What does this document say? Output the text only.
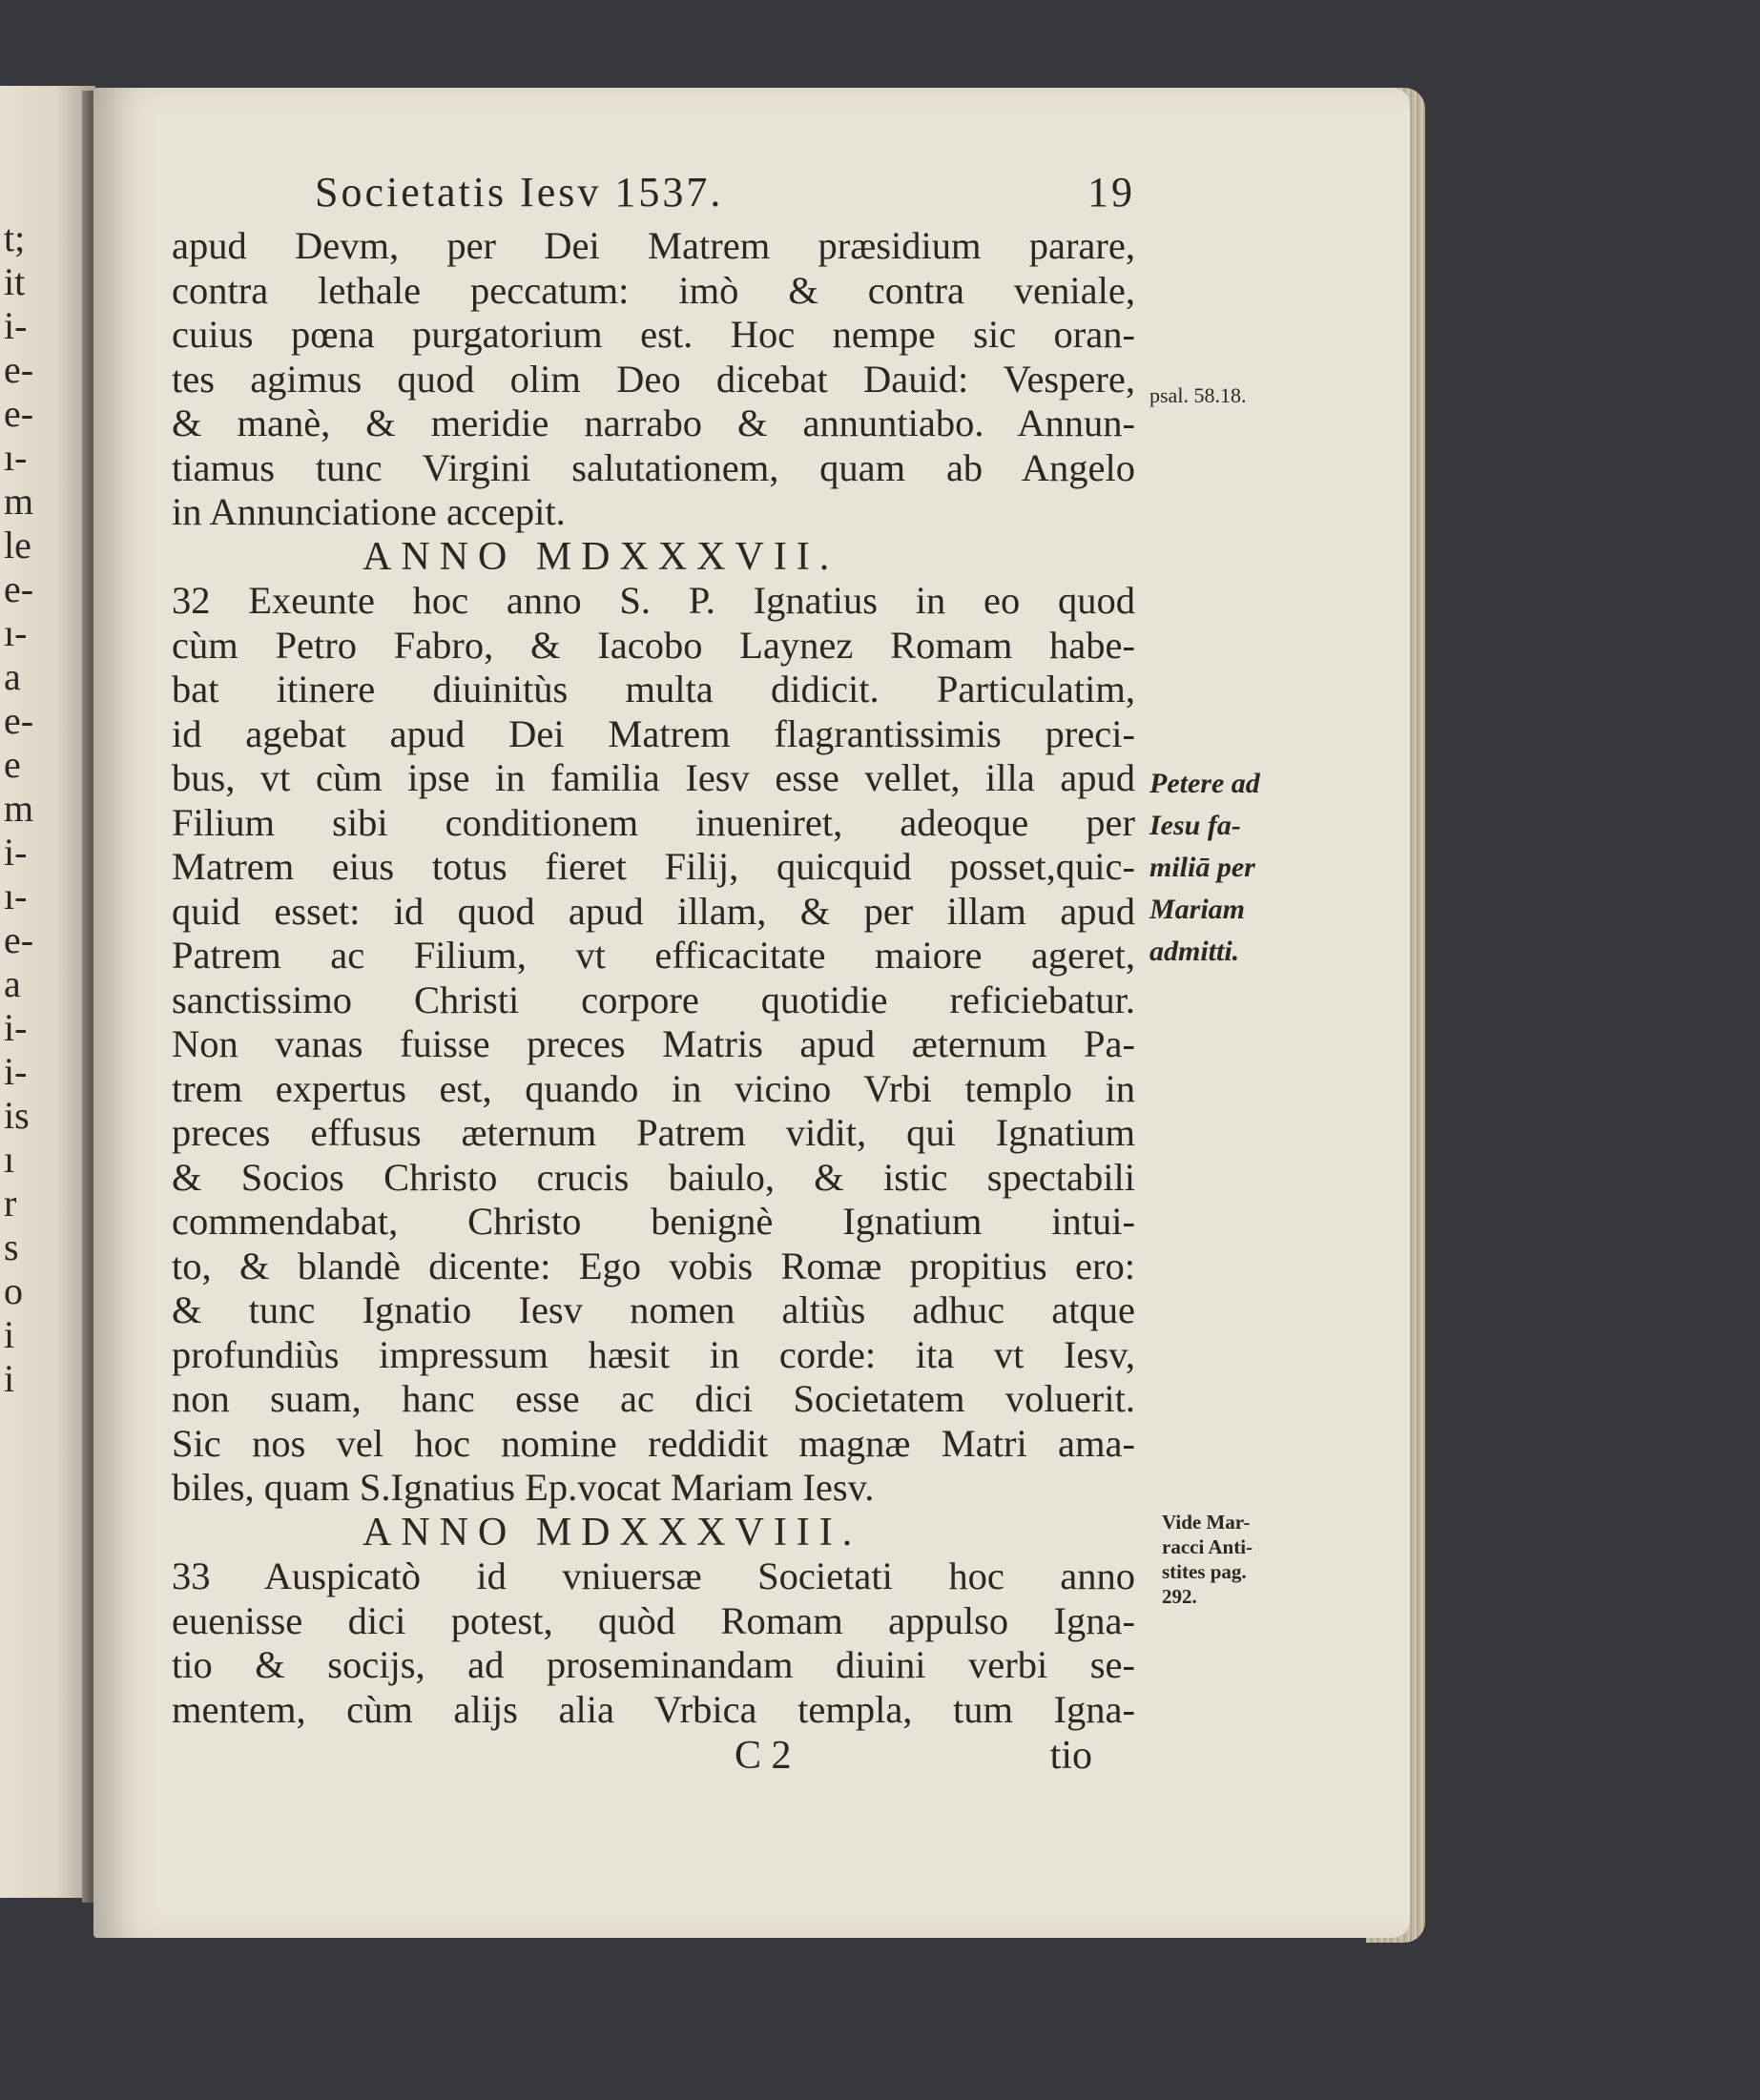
t;
it
i-
e-
e-
ı-
m
le
e-
ı-
a
e-
e
m
i-
ı-
e-
a
i-
i-
is
ı
r
s
o
i
i
Societatis Iesv 1537.	19
apud Devm, per Dei Matrem præsidium parare,
contra lethale peccatum: imò & contra veniale,
cuius pœna purgatorium est. Hoc nempe sic oran-
tes agimus quod olim Deo dicebat Dauid: Vespere,
& manè, & meridie narrabo & annuntiabo. Annun-
tiamus tunc Virgini salutationem, quam ab Angelo
in Annunciatione accepit.
ANNO MDXXXVII.
32 Exeunte hoc anno S. P. Ignatius in eo quod
cùm Petro Fabro, & Iacobo Laynez Romam habe-
bat itinere diuinitùs multa didicit. Particulatim,
id agebat apud Dei Matrem flagrantissimis preci-
bus, vt cùm ipse in familia Iesv esse vellet, illa apud
Filium sibi conditionem inueniret, adeoque per
Matrem eius totus fieret Filij, quicquid posset,quic-
quid esset: id quod apud illam, & per illam apud
Patrem ac Filium, vt efficacitate maiore ageret,
sanctissimo Christi corpore quotidie reficiebatur.
Non vanas fuisse preces Matris apud æternum Pa-
trem expertus est, quando in vicino Vrbi templo in
preces effusus æternum Patrem vidit, qui Ignatium
& Socios Christo crucis baiulo, & istic spectabili
commendabat, Christo benignè Ignatium intui-
to, & blandè dicente: Ego vobis Romæ propitius ero:
& tunc Ignatio Iesv nomen altiùs adhuc atque
profundiùs impressum hæsit in corde: ita vt Iesv,
non suam, hanc esse ac dici Societatem voluerit.
Sic nos vel hoc nomine reddidit magnæ Matri ama-
biles, quam S.Ignatius Ep.vocat Mariam Iesv.
ANNO MDXXXVIII.
33 Auspicatò id vniuersæ Societati hoc anno
euenisse dici potest, quòd Romam appulso Igna-
tio & socijs, ad proseminandam diuini verbi se-
mentem, cùm alijs alia Vrbica templa, tum Igna-
C 2	tio
psal. 58.18.
Petere ad
Iesu fa-
miliā per
Mariam
admitti.
Vide Mar-
racci Anti-
stites pag.
292.
